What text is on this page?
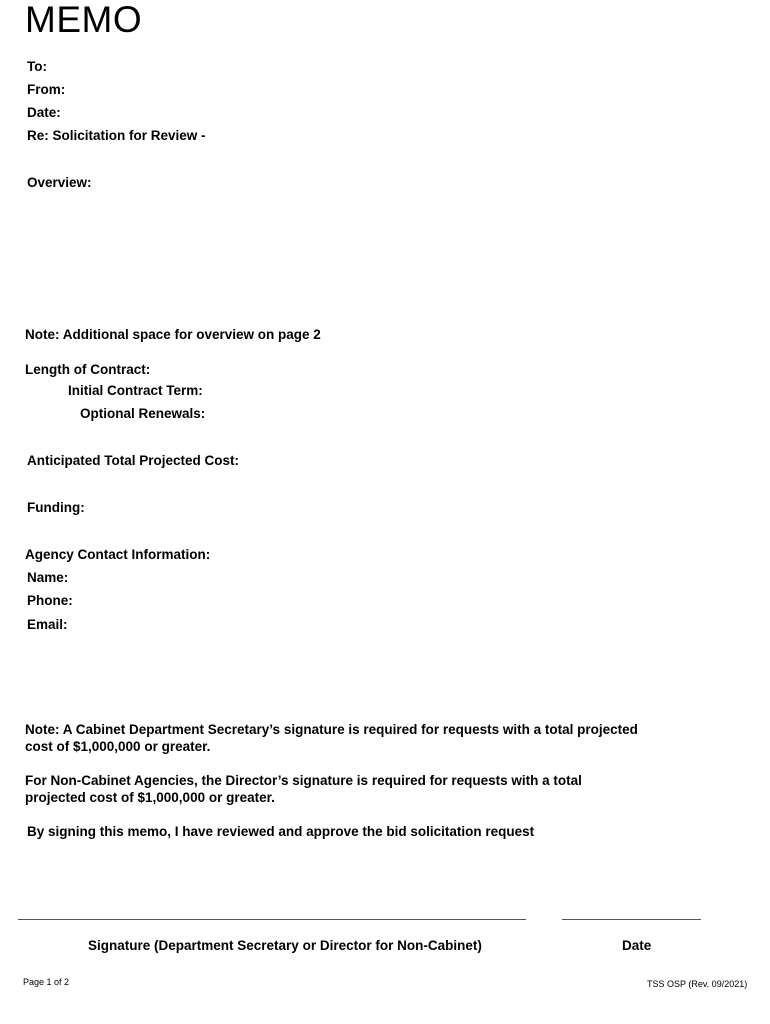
MEMO
To:
From:
Date:
Re: Solicitation for Review -
Overview:
Note: Additional space for overview on page 2
Length of Contract:
Initial Contract Term:
Optional Renewals:
Anticipated Total Projected Cost:
Funding:
Agency Contact Information:
Name:
Phone:
Email:
Note: A Cabinet Department Secretary’s signature is required for requests with a total projected
cost of $1,000,000 or greater.
For Non-Cabinet Agencies, the Director’s signature is required for requests with a total
projected cost of $1,000,000 or greater.
By signing this memo, I have reviewed and approve the bid solicitation request
Signature (Department Secretary or Director for Non-Cabinet)	Date
Page 1 of 2	TSS OSP (Rev. 09/2021)
